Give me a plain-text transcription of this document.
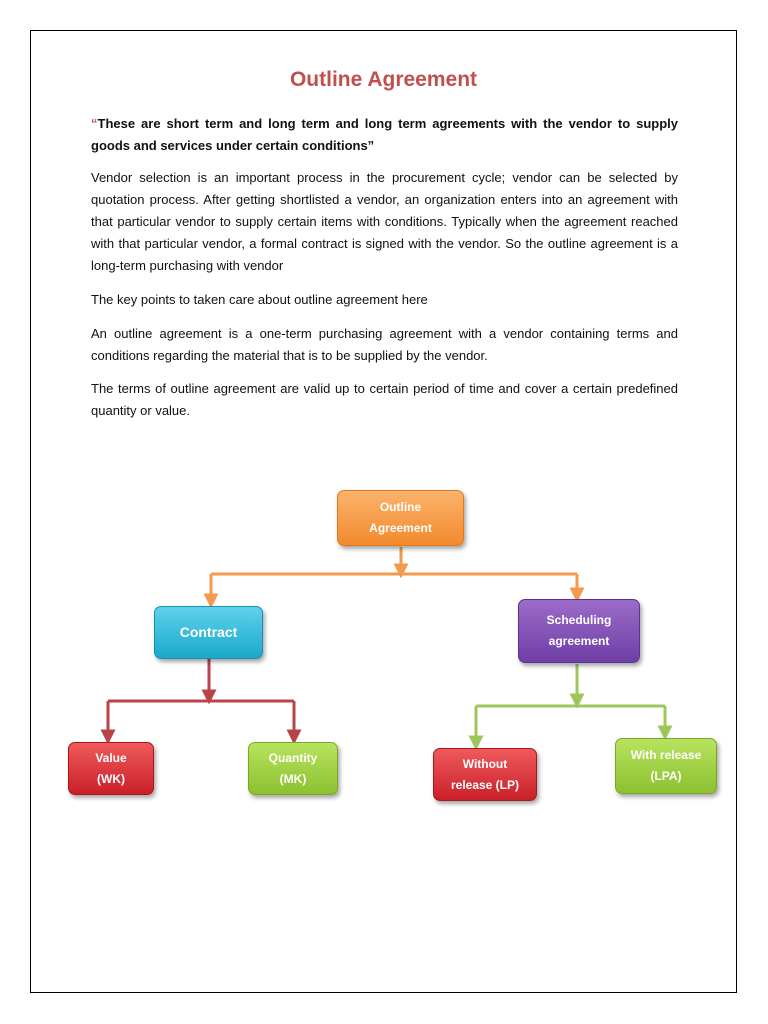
Outline Agreement
“These are short term and long term and long term agreements with the vendor to supply goods and services under certain conditions”
Vendor selection is an important process in the procurement cycle; vendor can be selected by quotation process. After getting shortlisted a vendor, an organization enters into an agreement with that particular vendor to supply certain items with conditions. Typically when the agreement reached with that particular vendor, a formal contract is signed with the vendor. So the outline agreement is a long-term purchasing with vendor
The key points to taken care about outline agreement here
An outline agreement is a one-term purchasing agreement with a vendor containing terms and conditions regarding the material that is to be supplied by the vendor.
The terms of outline agreement are valid up to certain period of time and cover a certain predefined quantity or value.
Outline
Agreement
Contract
Scheduling
agreement
Value
(WK)
Quantity
(MK)
Without
release (LP)
With release
(LPA)
